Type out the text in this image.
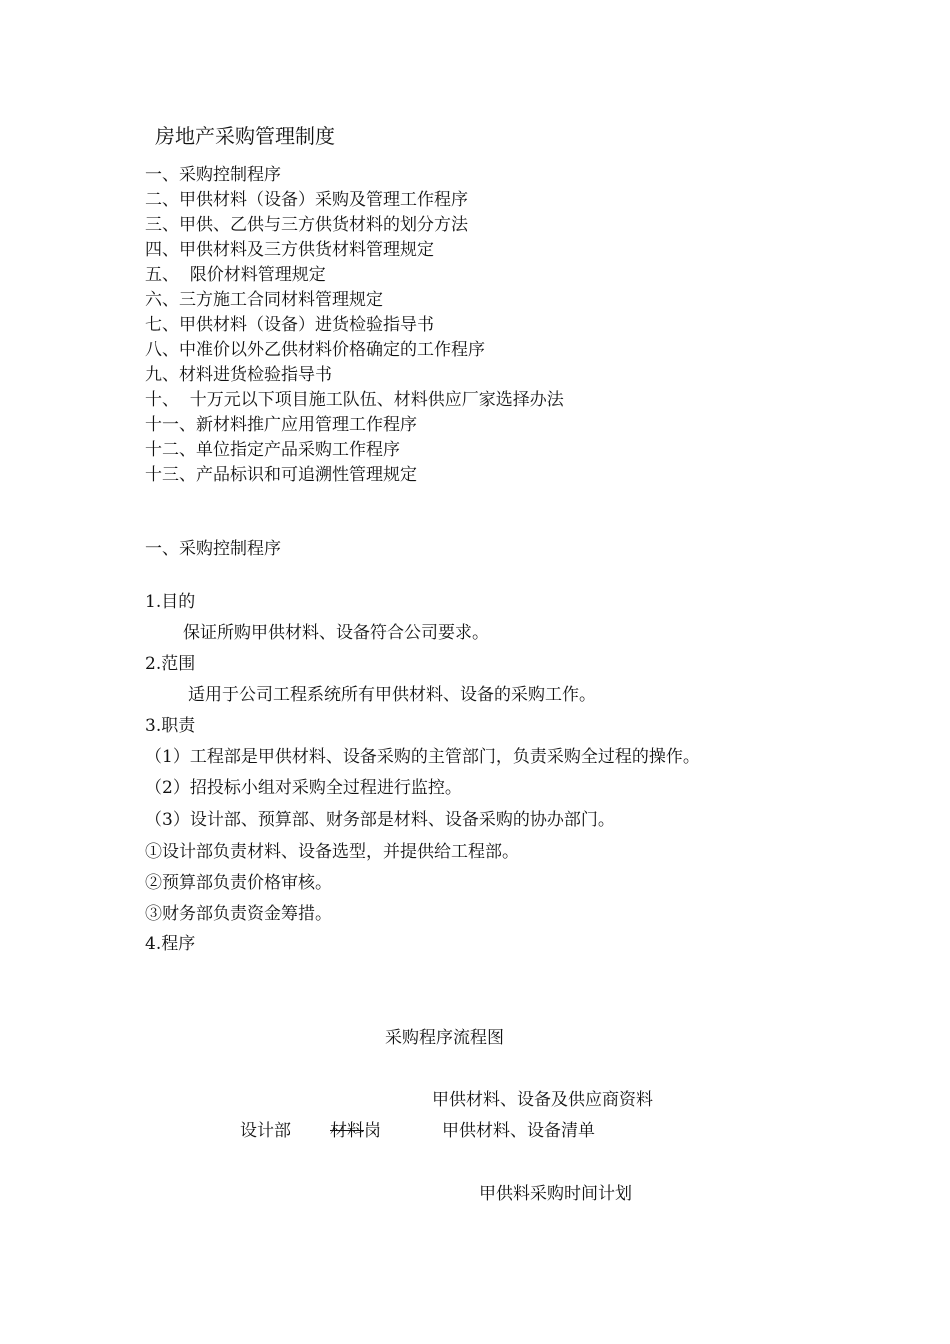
房地产采购管理制度
一、采购控制程序
二、甲供材料（设备）采购及管理工作程序
三、甲供、乙供与三方供货材料的划分方法
四、甲供材料及三方供货材料管理规定
五、  限价材料管理规定
六、三方施工合同材料管理规定
七、甲供材料（设备）进货检验指导书
八、中准价以外乙供材料价格确定的工作程序
九、材料进货检验指导书
十、  十万元以下项目施工队伍、材料供应厂家选择办法
十一、新材料推广应用管理工作程序
十二、单位指定产品采购工作程序
十三、产品标识和可追溯性管理规定
一、采购控制程序
1.目的
保证所购甲供材料、设备符合公司要求。
2.范围
适用于公司工程系统所有甲供材料、设备的采购工作。
3.职责
（1）工程部是甲供材料、设备采购的主管部门，负责采购全过程的操作。
（2）招投标小组对采购全过程进行监控。
（3）设计部、预算部、财务部是材料、设备采购的协办部门。
①设计部负责材料、设备选型，并提供给工程部。
②预算部负责价格审核。
③财务部负责资金筹措。
4.程序
采购程序流程图
甲供材料、设备及供应商资料
设计部 材料岗	甲供材料、设备清单
甲供料采购时间计划
